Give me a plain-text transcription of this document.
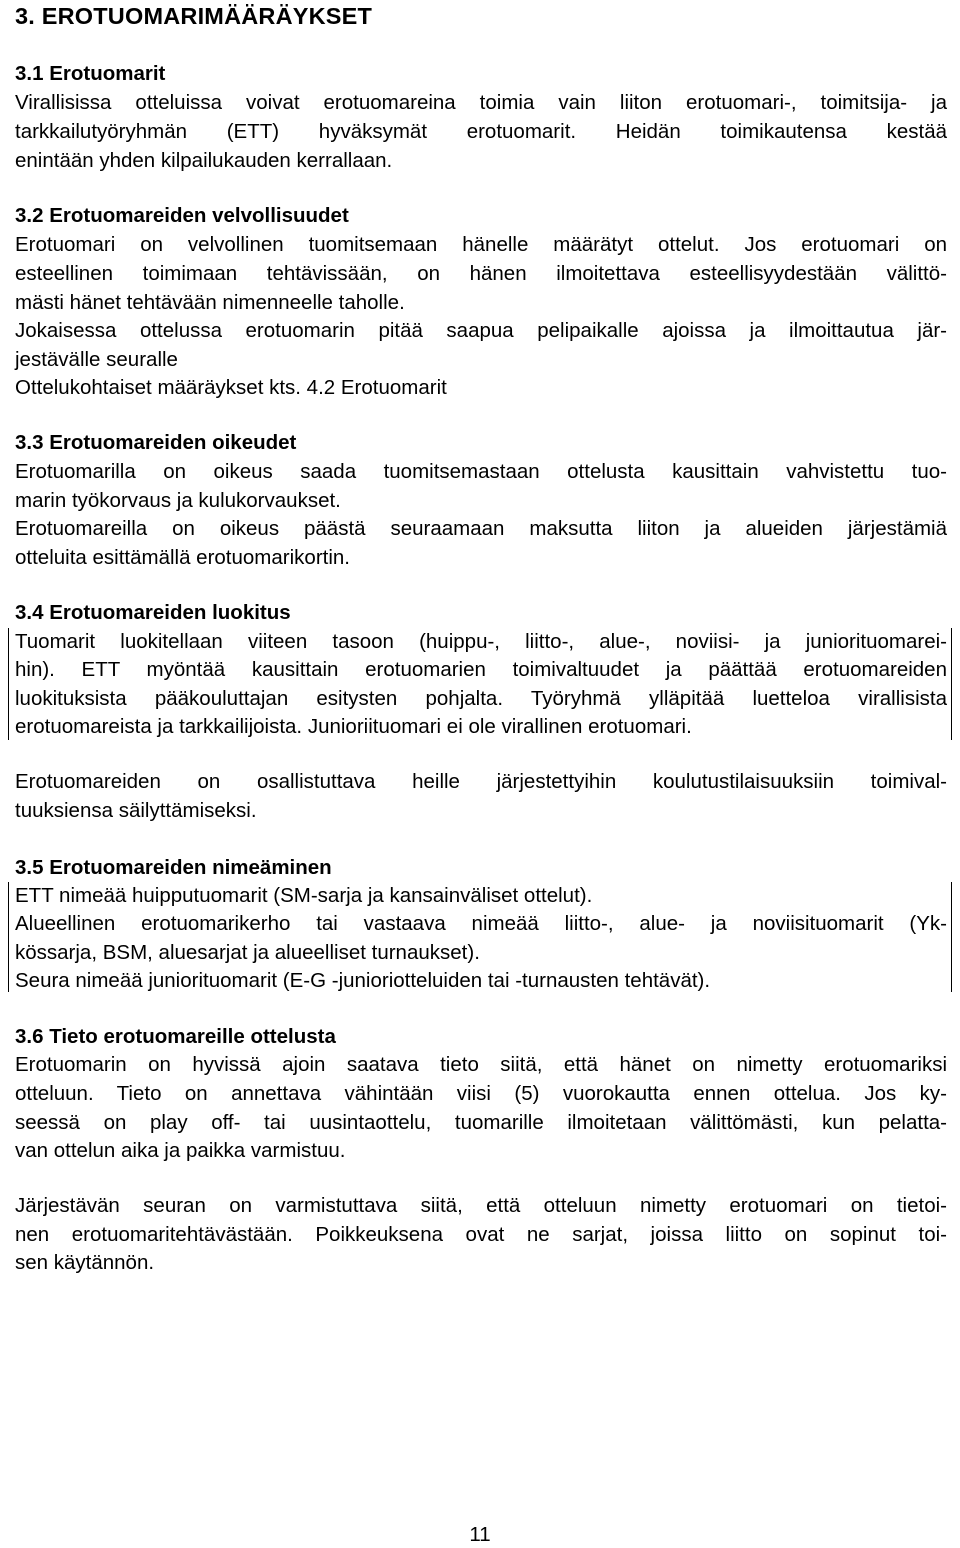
3. EROTUOMARIMÄÄRÄYKSET
3.1 Erotuomarit
Virallisissa otteluissa voivat erotuomareina toimia vain liiton erotuomari-, toimitsija- ja
tarkkailutyöryhmän (ETT) hyväksymät erotuomarit. Heidän toimikautensa kestää
enintään yhden kilpailukauden kerrallaan.
3.2 Erotuomareiden velvollisuudet
Erotuomari on velvollinen tuomitsemaan hänelle määrätyt ottelut. Jos erotuomari on
esteellinen toimimaan tehtävissään, on hänen ilmoitettava esteellisyydestään välittö-
mästi hänet tehtävään nimenneelle taholle.
Jokaisessa ottelussa erotuomarin pitää saapua pelipaikalle ajoissa ja ilmoittautua jär-
jestävälle seuralle
Ottelukohtaiset määräykset kts. 4.2 Erotuomarit
3.3 Erotuomareiden oikeudet
Erotuomarilla on oikeus saada tuomitsemastaan ottelusta kausittain vahvistettu tuo-
marin työkorvaus ja kulukorvaukset.
Erotuomareilla on oikeus päästä seuraamaan maksutta liiton ja alueiden järjestämiä
otteluita esittämällä erotuomarikortin.
3.4 Erotuomareiden luokitus
Tuomarit luokitellaan viiteen tasoon (huippu-, liitto-, alue-, noviisi- ja juniorituomarei-
hin). ETT myöntää kausittain erotuomarien toimivaltuudet ja päättää erotuomareiden
luokituksista pääkouluttajan esitysten pohjalta. Työryhmä ylläpitää luetteloa virallisista
erotuomareista ja tarkkailijoista. Junioriituomari ei ole virallinen erotuomari.
Erotuomareiden on osallistuttava heille järjestettyihin koulutustilaisuuksiin toimival-
tuuksiensa säilyttämiseksi.
3.5 Erotuomareiden nimeäminen
ETT nimeää huipputuomarit (SM-sarja ja kansainväliset ottelut).
Alueellinen erotuomarikerho tai vastaava nimeää liitto-, alue- ja noviisituomarit (Yk-
kössarja, BSM, aluesarjat ja alueelliset turnaukset).
Seura nimeää juniorituomarit (E-G -junioriotteluiden tai -turnausten tehtävät).
3.6 Tieto erotuomareille ottelusta
Erotuomarin on hyvissä ajoin saatava tieto siitä, että hänet on nimetty erotuomariksi
otteluun. Tieto on annettava vähintään viisi (5) vuorokautta ennen ottelua. Jos ky-
seessä on play off- tai uusintaottelu, tuomarille ilmoitetaan välittömästi, kun pelatta-
van ottelun aika ja paikka varmistuu.
Järjestävän seuran on varmistuttava siitä, että otteluun nimetty erotuomari on tietoi-
nen erotuomaritehtävästään. Poikkeuksena ovat ne sarjat, joissa liitto on sopinut toi-
sen käytännön.
11
